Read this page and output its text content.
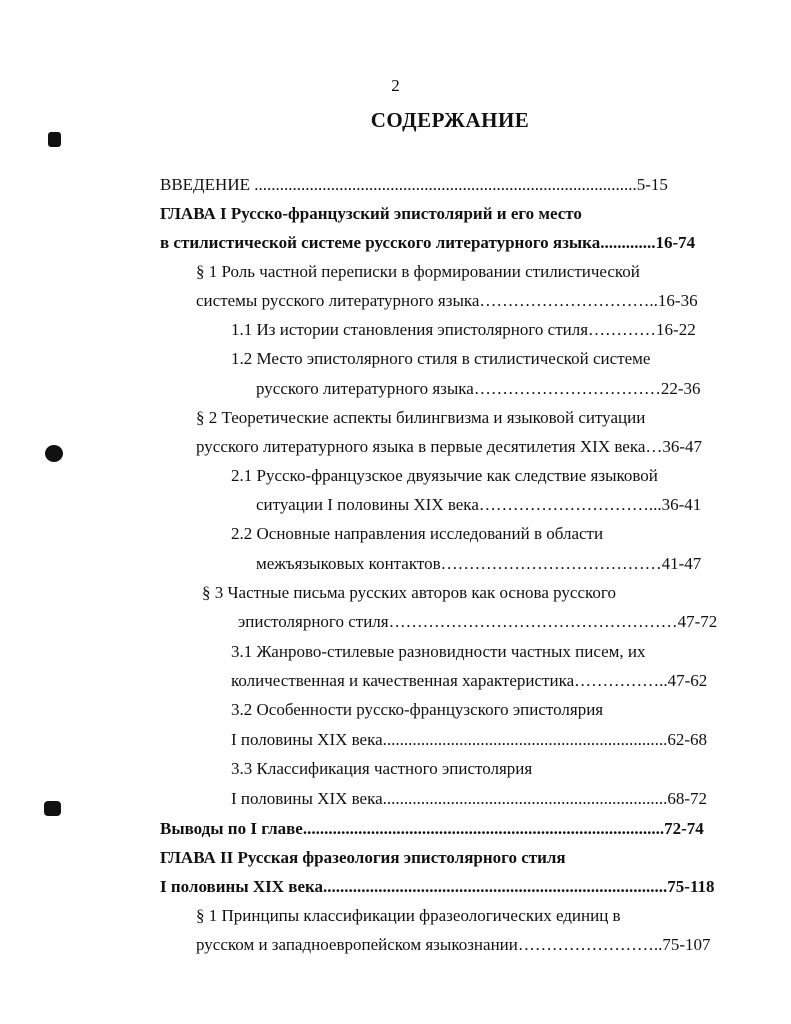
2
СОДЕРЖАНИЕ
ВВЕДЕНИЕ ..........................................................................................5-15
ГЛАВА I Русско-французский эпистолярий и его место
в стилистической системе русского литературного языка.............16-74
§ 1 Роль частной переписки в формировании стилистической
системы русского литературного языка…………………………..16-36
1.1 Из истории становления эпистолярного стиля…………16-22
1.2 Место эпистолярного стиля в стилистической системе
русского литературного языка……………………………22-36
§ 2 Теоретические аспекты билингвизма и языковой ситуации
русского литературного языка в первые десятилетия XIX века…36-47
2.1 Русско-французское двуязычие как следствие языковой
ситуации I половины XIX века…………………………...36-41
2.2 Основные направления исследований в области
межъязыковых контактов…………………………………41-47
§ 3 Частные письма русских авторов как основа русского
эпистолярного стиля……………………………………………47-72
3.1 Жанрово-стилевые разновидности частных писем, их
количественная и качественная характеристика……………..47-62
3.2 Особенности русско-французского эпистолярия
I половины XIX века...................................................................62-68
3.3 Классификация частного эпистолярия
I половины XIX века...................................................................68-72
Выводы по I главе.....................................................................................72-74
ГЛАВА II Русская фразеология эпистолярного стиля
I половины XIX века.................................................................................75-118
§ 1 Принципы классификации фразеологических единиц в
русском и западноевропейском языкознании……………………..75-107
